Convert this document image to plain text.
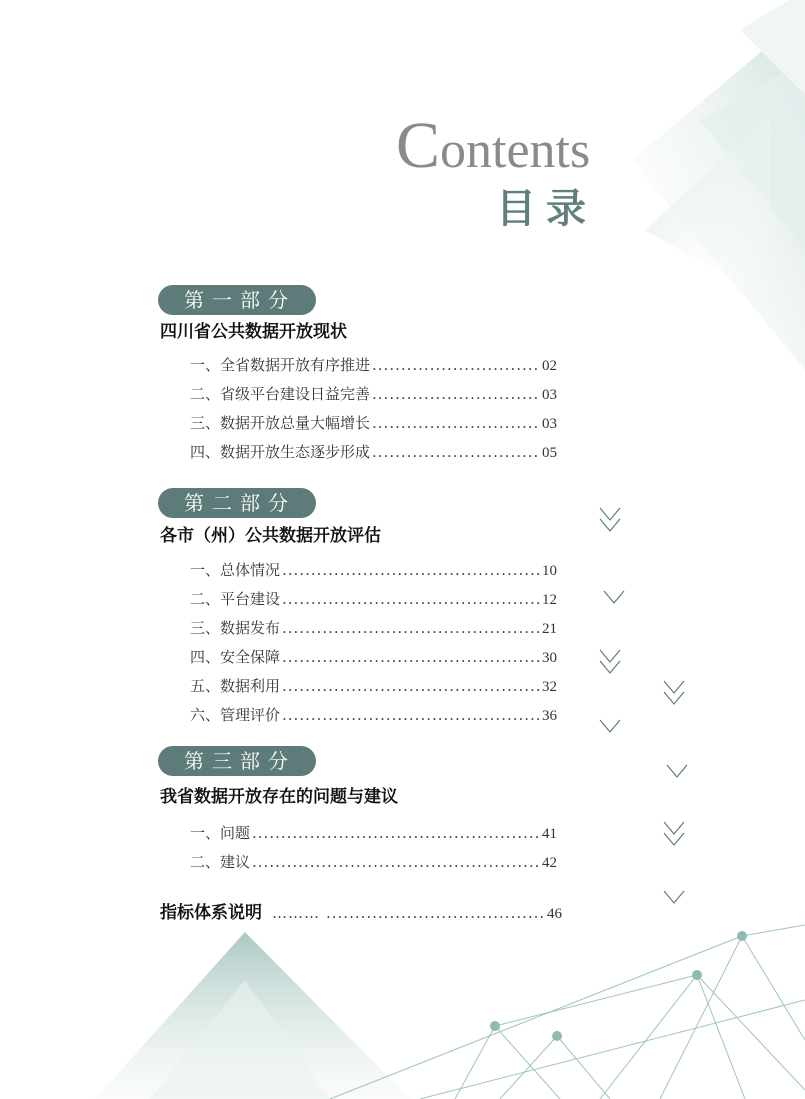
Contents
目录
第一部分
四川省公共数据开放现状
一、全省数据开放有序推进 .....	02
二、省级平台建设日益完善 .....	03
三、数据开放总量大幅增长 .....	03
四、数据开放生态逐步形成 .....	05
第二部分
各市（州）公共数据开放评估
一、总体情况 .....	10
二、平台建设 .....	12
三、数据发布 .....	21
四、安全保障 .....	30
五、数据利用 .....	32
六、管理评价 .....	36
第三部分
我省数据开放存在的问题与建议
一、问题 .....	41
二、建议 .....	42
指标体系说明 ……… .....	46
